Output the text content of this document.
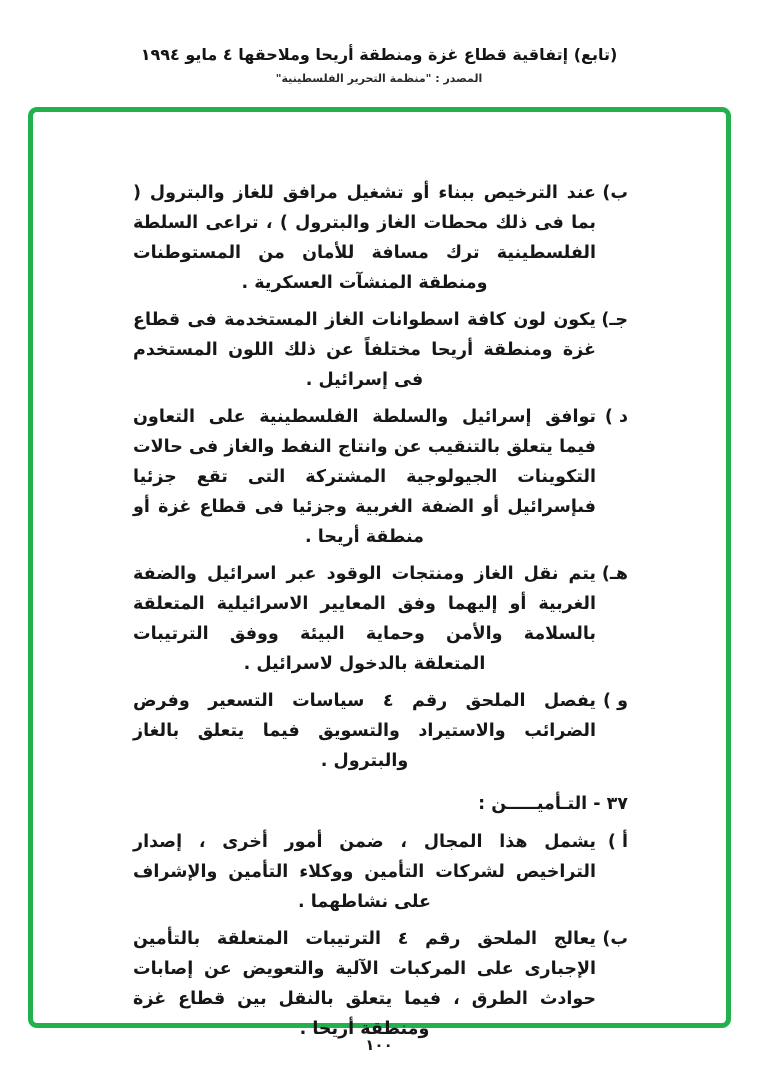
(تابع) إتفاقية قطاع غزة ومنطقة أريحا وملاحقها ٤ مايو ١٩٩٤
المصدر : "منظمة التحرير الفلسطينية"
ب)
عند الترخيص ببناء أو تشغيل مرافق للغاز والبترول ( بما فى ذلك محطات الغاز والبترول ) ، تراعى السلطة الفلسطينية ترك مسافة للأمان من المستوطنات ومنطقة المنشآت العسكرية .
جـ)
يكون لون كافة اسطوانات الغاز المستخدمة فى قطاع غزة ومنطقة أريحا مختلفاً عن ذلك اللون المستخدم فى إسرائيل .
د )
توافق إسرائيل والسلطة الفلسطينية على التعاون فيما يتعلق بالتنقيب عن وانتاج النفط والغاز فى حالات التكوينات الجيولوجية المشتركة التى تقع جزئيا فىإسرائيل أو الضفة الغربية وجزئيا فى قطاع غزة أو منطقة أريحا .
هـ)
يتم نقل الغاز ومنتجات الوقود عبر اسرائيل والضفة الغربية أو إليهما وفق المعايير الاسرائيلية المتعلقة بالسلامة والأمن وحماية البيئة ووفق الترتيبات المتعلقة بالدخول لاسرائيل .
و )
يفصل الملحق رقم ٤ سياسات التسعير وفرض الضرائب والاستيراد والتسويق فيما يتعلق بالغاز والبترول .
٣٧ - التـأميـــــن :
أ )
يشمل هذا المجال ، ضمن أمور أخرى ، إصدار التراخيص لشركات التأمين ووكلاء التأمين والإشراف على نشاطهما .
ب)
يعالج الملحق رقم ٤ الترتيبات المتعلقة بالتأمين الإجبارى على المركبات الآلية والتعويض عن إصابات حوادث الطرق ، فيما يتعلق بالنقل بين قطاع غزة ومنطقة أريحا .
١٠٠
